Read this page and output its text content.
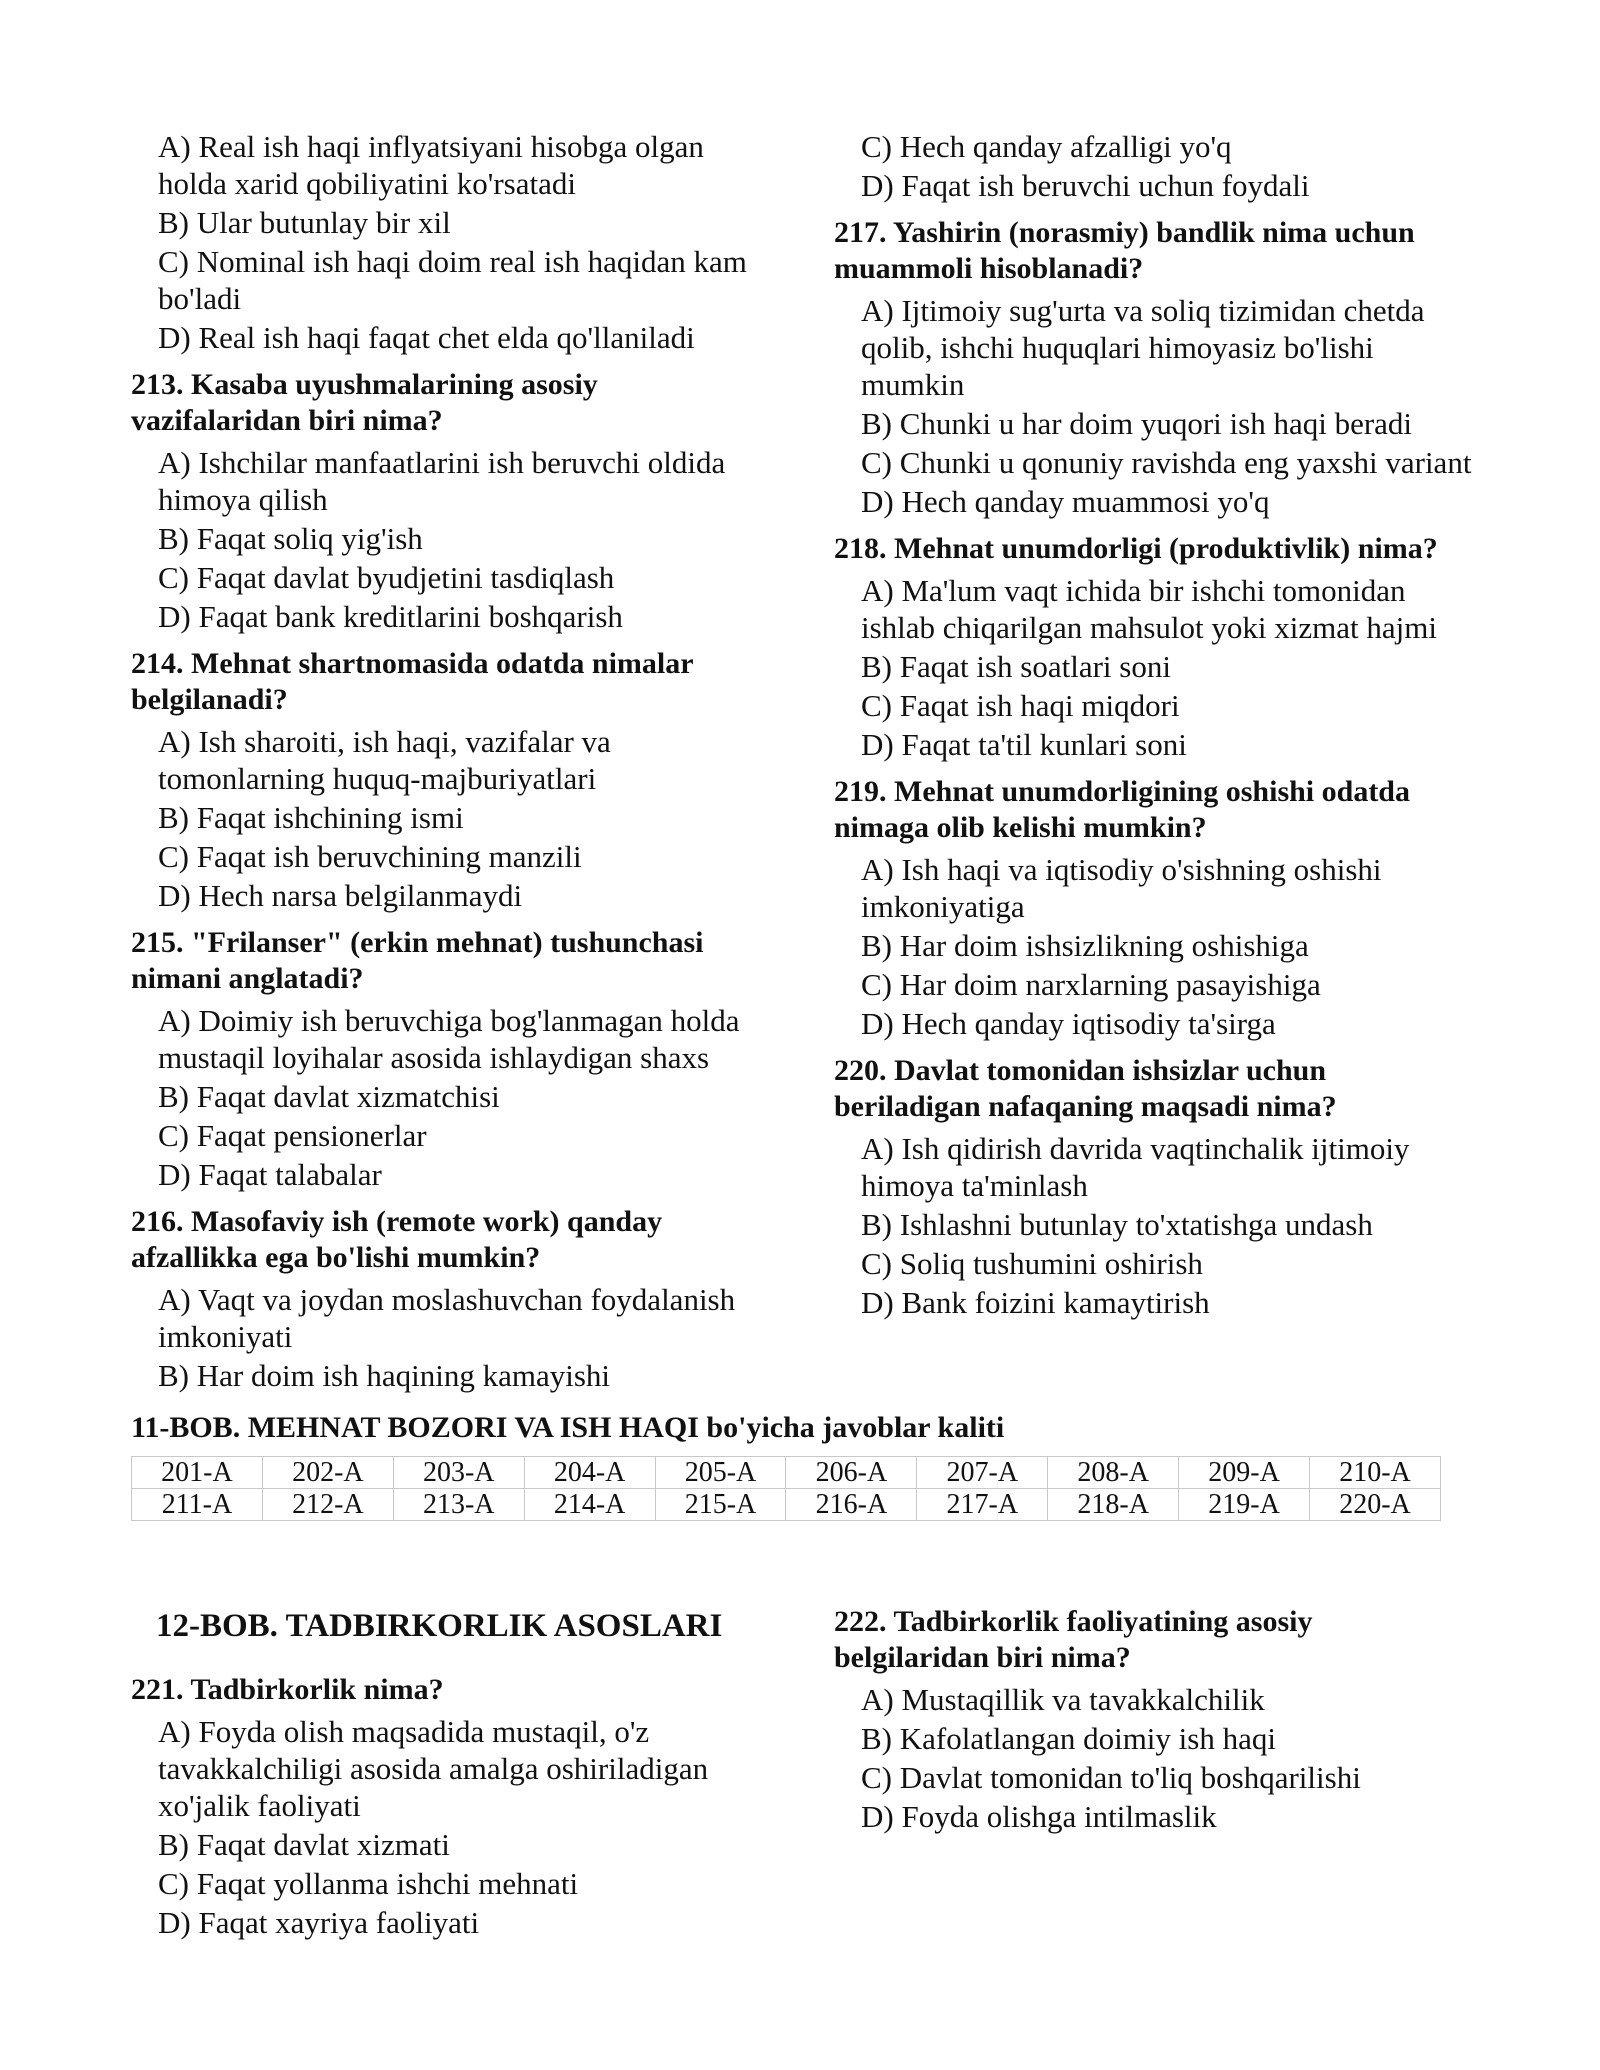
A) Real ish haqi inflyatsiyani hisobga olgan holda xarid qobiliyatini ko'rsatadi
B) Ular butunlay bir xil
C) Nominal ish haqi doim real ish haqidan kam bo'ladi
D) Real ish haqi faqat chet elda qo'llaniladi
213. Kasaba uyushmalarining asosiy vazifalaridan biri nima?
A) Ishchilar manfaatlarini ish beruvchi oldida himoya qilish
B) Faqat soliq yig'ish
C) Faqat davlat byudjetini tasdiqlash
D) Faqat bank kreditlarini boshqarish
214. Mehnat shartnomasida odatda nimalar belgilanadi?
A) Ish sharoiti, ish haqi, vazifalar va tomonlarning huquq-majburiyatlari
B) Faqat ishchining ismi
C) Faqat ish beruvchining manzili
D) Hech narsa belgilanmaydi
215. "Frilanser" (erkin mehnat) tushunchasi nimani anglatadi?
A) Doimiy ish beruvchiga bog'lanmagan holda mustaqil loyihalar asosida ishlaydigan shaxs
B) Faqat davlat xizmatchisi
C) Faqat pensionerlar
D) Faqat talabalar
216. Masofaviy ish (remote work) qanday afzallikka ega bo'lishi mumkin?
A) Vaqt va joydan moslashuvchan foydalanish imkoniyati
B) Har doim ish haqining kamayishi
C) Hech qanday afzalligi yo'q
D) Faqat ish beruvchi uchun foydali
217. Yashirin (norasmiy) bandlik nima uchun muammoli hisoblanadi?
A) Ijtimoiy sug'urta va soliq tizimidan chetda qolib, ishchi huquqlari himoyasiz bo'lishi mumkin
B) Chunki u har doim yuqori ish haqi beradi
C) Chunki u qonuniy ravishda eng yaxshi variant
D) Hech qanday muammosi yo'q
218. Mehnat unumdorligi (produktivlik) nima?
A) Ma'lum vaqt ichida bir ishchi tomonidan ishlab chiqarilgan mahsulot yoki xizmat hajmi
B) Faqat ish soatlari soni
C) Faqat ish haqi miqdori
D) Faqat ta'til kunlari soni
219. Mehnat unumdorligining oshishi odatda nimaga olib kelishi mumkin?
A) Ish haqi va iqtisodiy o'sishning oshishi imkoniyatiga
B) Har doim ishsizlikning oshishiga
C) Har doim narxlarning pasayishiga
D) Hech qanday iqtisodiy ta'sirga
220. Davlat tomonidan ishsizlar uchun beriladigan nafaqaning maqsadi nima?
A) Ish qidirish davrida vaqtinchalik ijtimoiy himoya ta'minlash
B) Ishlashni butunlay to'xtatishga undash
C) Soliq tushumini oshirish
D) Bank foizini kamaytirish
11-BOB. MEHNAT BOZORI VA ISH HAQI bo'yicha javoblar kaliti
201-A	202-A	203-A	204-A	205-A	206-A	207-A	208-A	209-A	210-A
211-A	212-A	213-A	214-A	215-A	216-A	217-A	218-A	219-A	220-A
12-BOB. TADBIRKORLIK ASOSLARI
221. Tadbirkorlik nima?
A) Foyda olish maqsadida mustaqil, o'z tavakkalchiligi asosida amalga oshiriladigan xo'jalik faoliyati
B) Faqat davlat xizmati
C) Faqat yollanma ishchi mehnati
D) Faqat xayriya faoliyati
222. Tadbirkorlik faoliyatining asosiy belgilaridan biri nima?
A) Mustaqillik va tavakkalchilik
B) Kafolatlangan doimiy ish haqi
C) Davlat tomonidan to'liq boshqarilishi
D) Foyda olishga intilmaslik
